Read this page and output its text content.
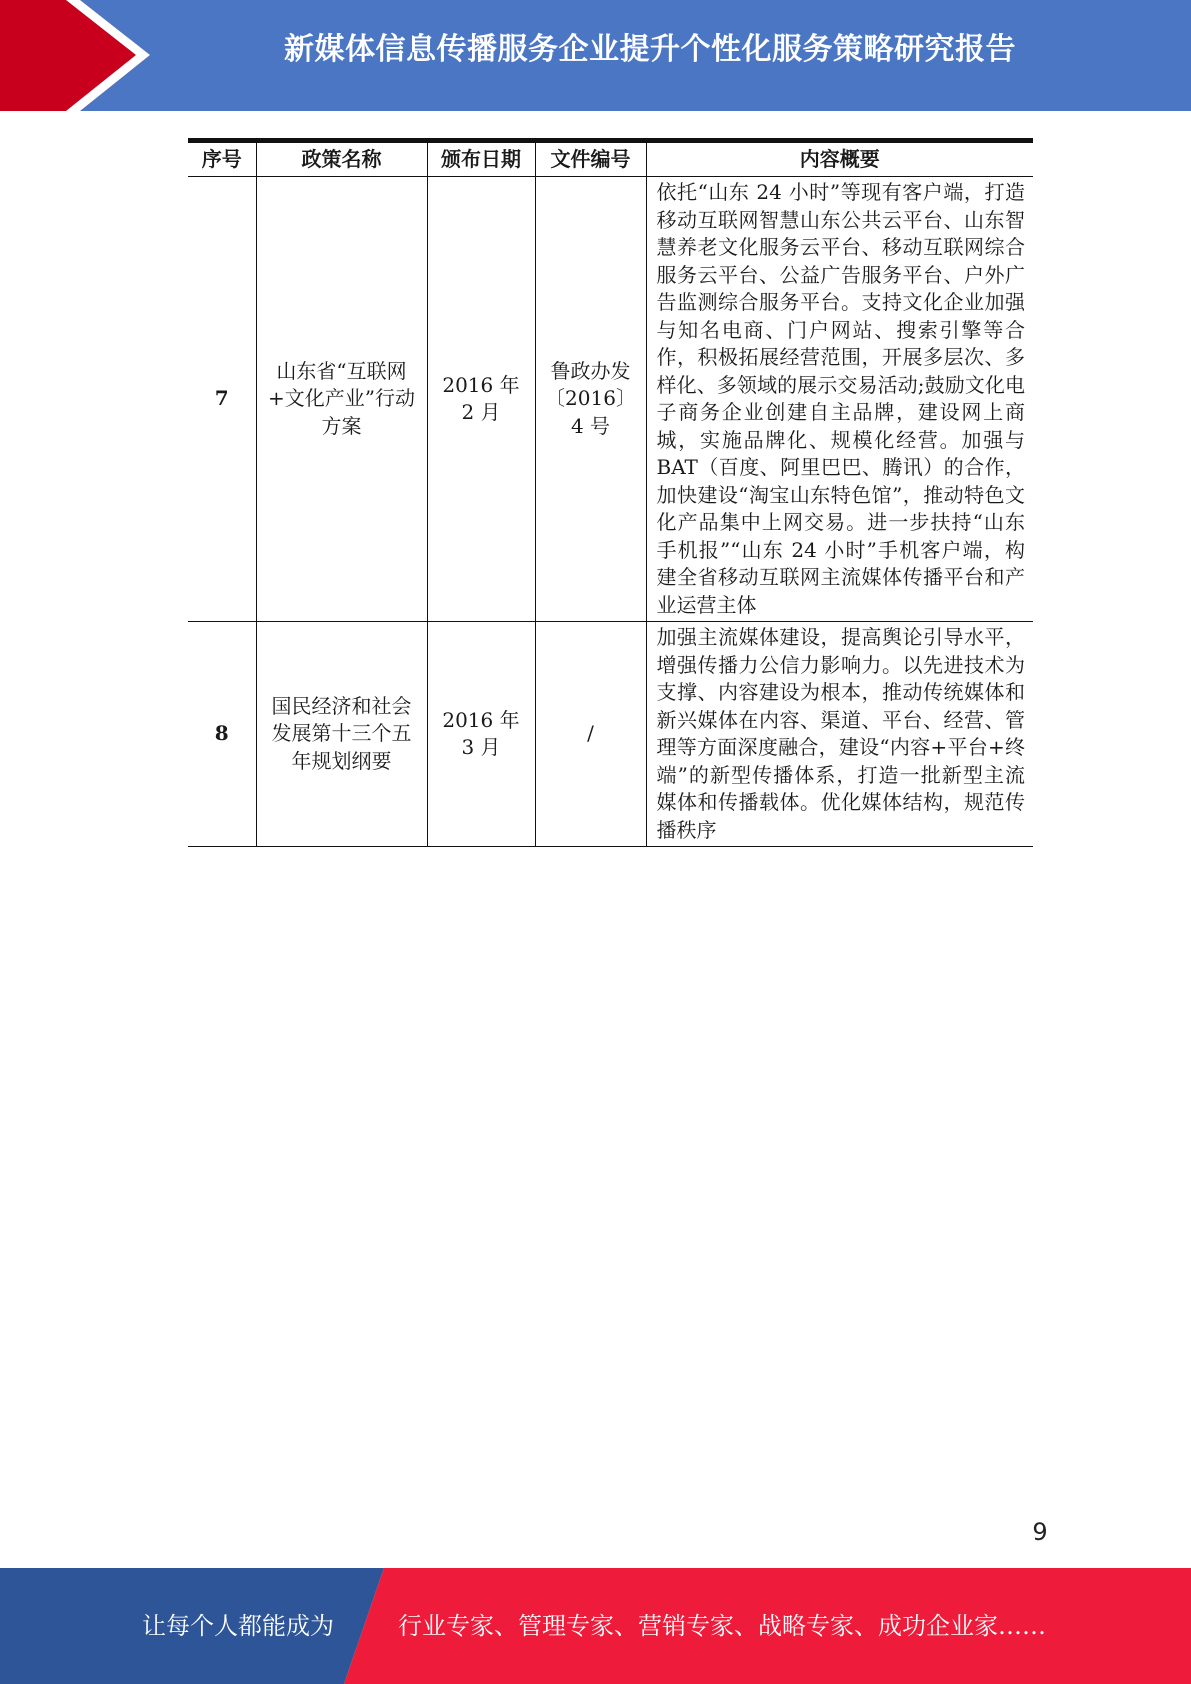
新媒体信息传播服务企业提升个性化服务策略研究报告
序号	政策名称	颁布日期	文件编号	内容概要
7	山东省“互联网+文化产业”行动方案	2016 年 2 月	鲁政办发〔2016〕4 号	依托“山东 24 小时”等现有客户端，打造移动互联网智慧山东公共云平台、山东智慧养老文化服务云平台、移动互联网综合服务云平台、公益广告服务平台、户外广告监测综合服务平台。支持文化企业加强与知名电商、门户网站、搜索引擎等合作，积极拓展经营范围，开展多层次、多样化、多领域的展示交易活动;鼓励文化电子商务企业创建自主品牌，建设网上商城，实施品牌化、规模化经营。加强与 BAT（百度、阿里巴巴、腾讯）的合作，加快建设“淘宝山东特色馆”，推动特色文化产品集中上网交易。进一步扶持“山东手机报”“山东 24 小时”手机客户端，构建全省移动互联网主流媒体传播平台和产业运营主体
8	国民经济和社会发展第十三个五年规划纲要	2016 年 3 月	/	加强主流媒体建设，提高舆论引导水平，增强传播力公信力影响力。以先进技术为支撑、内容建设为根本，推动传统媒体和新兴媒体在内容、渠道、平台、经营、管理等方面深度融合，建设“内容+平台+终端”的新型传播体系，打造一批新型主流媒体和传播载体。优化媒体结构，规范传播秩序
9
让每个人都能成为	行业专家、管理专家、营销专家、战略专家、成功企业家……
